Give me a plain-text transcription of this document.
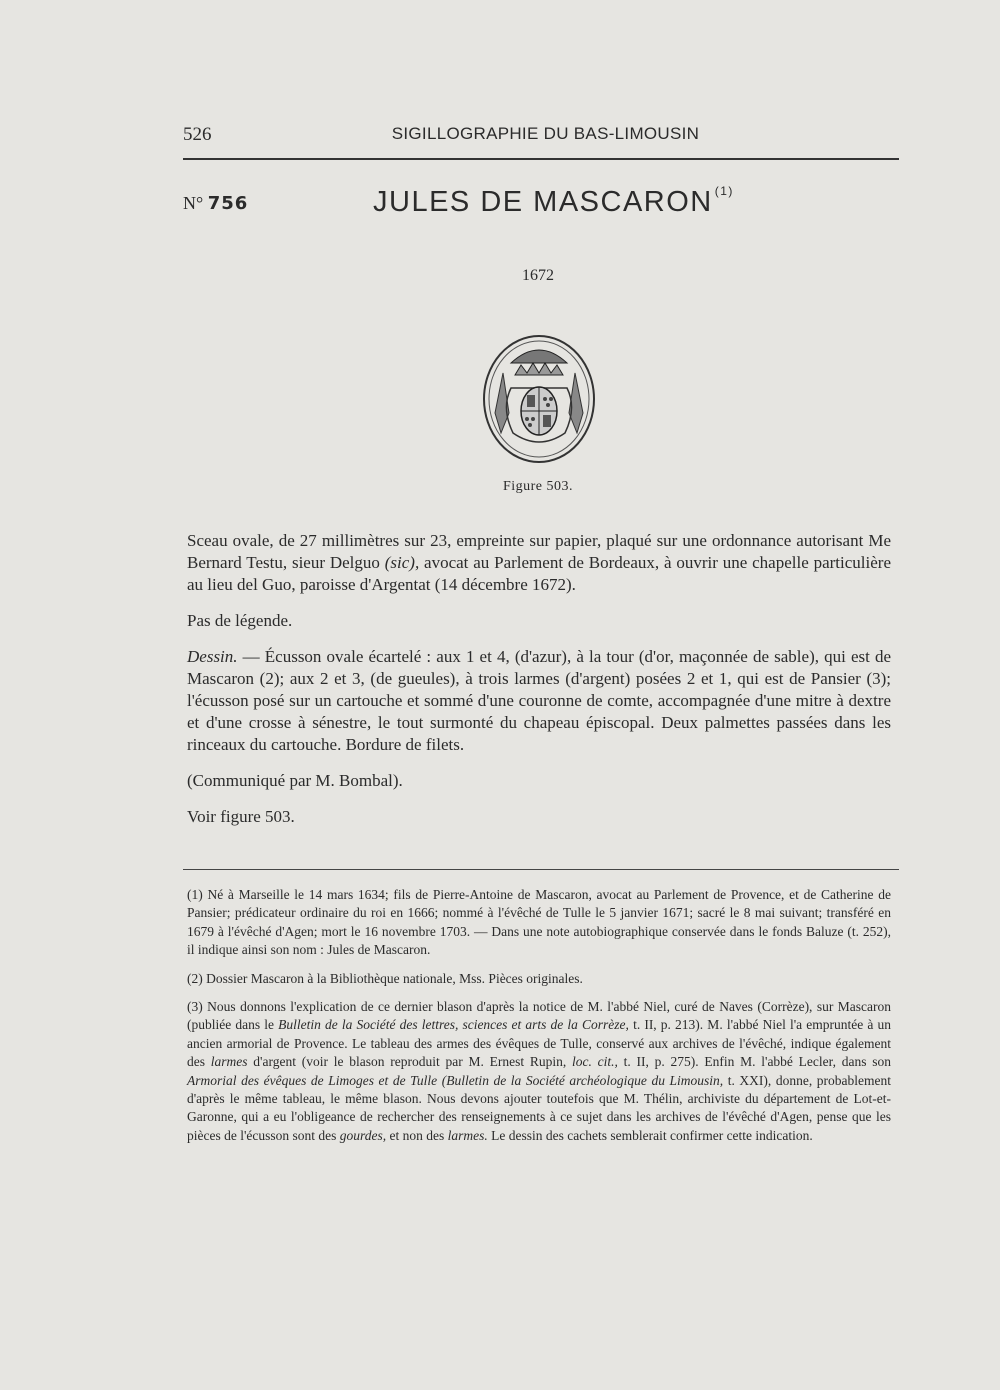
526	SIGILLOGRAPHIE DU BAS-LIMOUSIN
N° 756	JULES DE MASCARON $^{(1)}$
1672
Figure 503.

Sceau ovale, de 27 millimètres sur 23, empreinte sur papier, plaqué sur une ordonnance autorisant Me Bernard Testu, sieur Delguo (sic), avocat au Parlement de Bordeaux, à ouvrir une chapelle particulière au lieu del Guo, paroisse d'Argentat (14 décembre 1672).

Pas de légende.

Dessin. — Écusson ovale écartelé : aux 1 et 4, (d'azur), à la tour (d'or, maçonnée de sable), qui est de Mascaron (2); aux 2 et 3, (de gueules), à trois larmes (d'argent) posées 2 et 1, qui est de Pansier (3); l'écusson posé sur un cartouche et sommé d'une couronne de comte, accompagnée d'une mitre à dextre et d'une crosse à sénestre, le tout surmonté du chapeau épiscopal. Deux palmettes passées dans les rinceaux du cartouche. Bordure de filets.

(Communiqué par M. Bombal).

Voir figure 503.

(1) Né à Marseille le 14 mars 1634; fils de Pierre-Antoine de Mascaron, avocat au Parlement de Provence, et de Catherine de Pansier; prédicateur ordinaire du roi en 1666; nommé à l'évêché de Tulle le 5 janvier 1671; sacré le 8 mai suivant; transféré en 1679 à l'évêché d'Agen; mort le 16 novembre 1703. — Dans une note autobiographique conservée dans le fonds Baluze (t. 252), il indique ainsi son nom : Jules de Mascaron.

(2) Dossier Mascaron à la Bibliothèque nationale, Mss. Pièces originales.

(3) Nous donnons l'explication de ce dernier blason d'après la notice de M. l'abbé Niel, curé de Naves (Corrèze), sur Mascaron (publiée dans le Bulletin de la Société des lettres, sciences et arts de la Corrèze, t. II, p. 213). M. l'abbé Niel l'a empruntée à un ancien armorial de Provence. Le tableau des armes des évêques de Tulle, conservé aux archives de l'évêché, indique également des larmes d'argent (voir le blason reproduit par M. Ernest Rupin, loc. cit., t. II, p. 275). Enfin M. l'abbé Lecler, dans son Armorial des évêques de Limoges et de Tulle (Bulletin de la Société archéologique du Limousin, t. XXI), donne, probablement d'après le même tableau, le même blason. Nous devons ajouter toutefois que M. Thélin, archiviste du département de Lot-et-Garonne, qui a eu l'obligeance de rechercher des renseignements à ce sujet dans les archives de l'évêché d'Agen, pense que les pièces de l'écusson sont des gourdes, et non des larmes. Le dessin des cachets semblerait confirmer cette indication.
